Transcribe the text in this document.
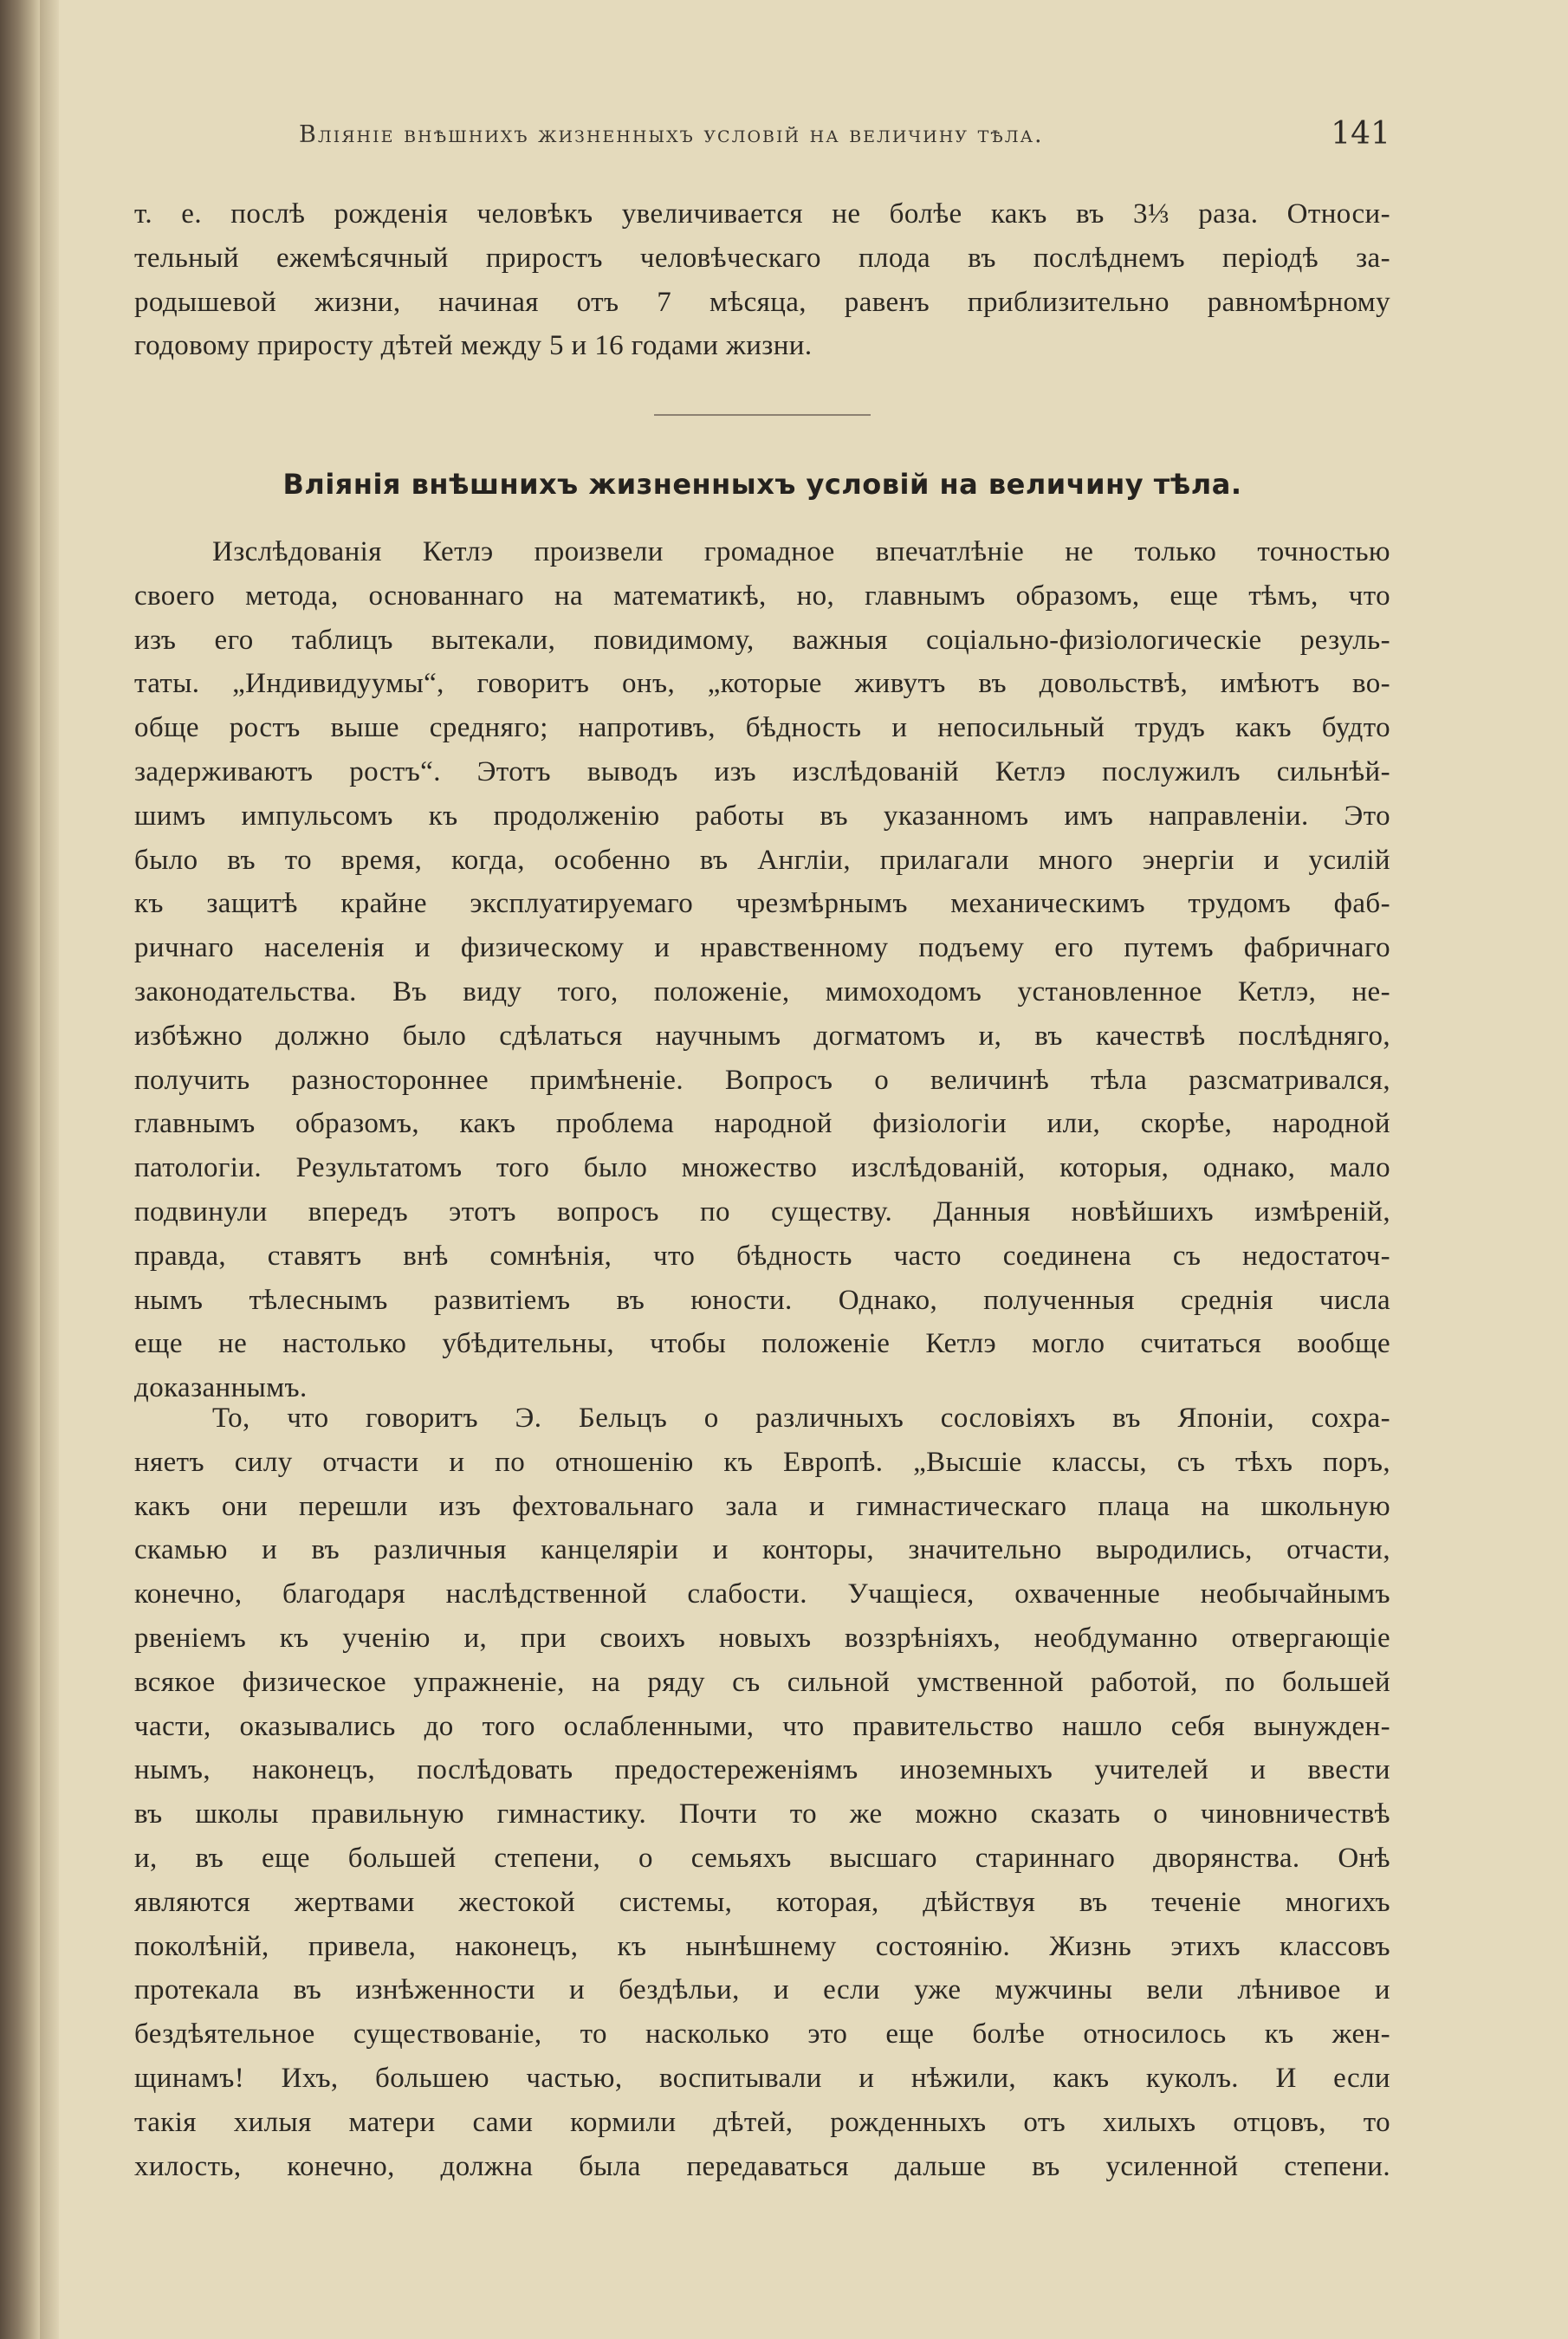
Вліяніе внѣшнихъ жизненныхъ условій на величину тѣла.	141

т. е. послѣ рожденія человѣкъ увеличивается не болѣе какъ въ 3⅓ раза. Относи-
тельный ежемѣсячный приростъ человѣческаго плода въ послѣднемъ періодѣ за-
родышевой жизни, начиная отъ 7 мѣсяца, равенъ приблизительно равномѣрному
годовому приросту дѣтей между 5 и 16 годами жизни.

Вліянія внѣшнихъ жизненныхъ условій на величину тѣла.

Изслѣдованія Кетлэ произвели громадное впечатлѣніе не только точностью
своего метода, основаннаго на математикѣ, но, главнымъ образомъ, еще тѣмъ, что
изъ его таблицъ вытекали, повидимому, важныя соціально-физіологическіе резуль-
таты. „Индивидуумы“, говоритъ онъ, „которые живутъ въ довольствѣ, имѣютъ во-
обще ростъ выше средняго; напротивъ, бѣдность и непосильный трудъ какъ будто
задерживаютъ ростъ“. Этотъ выводъ изъ изслѣдованій Кетлэ послужилъ сильнѣй-
шимъ импульсомъ къ продолженію работы въ указанномъ имъ направленіи. Это
было въ то время, когда, особенно въ Англіи, прилагали много энергіи и усилій
къ защитѣ крайне эксплуатируемаго чрезмѣрнымъ механическимъ трудомъ фаб-
ричнаго населенія и физическому и нравственному подъему его путемъ фабричнаго
законодательства. Въ виду того, положеніе, мимоходомъ установленное Кетлэ, не-
избѣжно должно было сдѣлаться научнымъ догматомъ и, въ качествѣ послѣдняго,
получить разностороннее примѣненіе. Вопросъ о величинѣ тѣла разсматривался,
главнымъ образомъ, какъ проблема народной физіологіи или, скорѣе, народной
патологіи. Результатомъ того было множество изслѣдованій, которыя, однако, мало
подвинули впередъ этотъ вопросъ по существу. Данныя новѣйшихъ измѣреній,
правда, ставятъ внѣ сомнѣнія, что бѣдность часто соединена съ недостаточ-
нымъ тѣлеснымъ развитіемъ въ юности. Однако, полученныя среднія числа
еще не настолько убѣдительны, чтобы положеніе Кетлэ могло считаться вообще
доказаннымъ.

То, что говоритъ Э. Бельцъ о различныхъ сословіяхъ въ Японіи, сохра-
няетъ силу отчасти и по отношенію къ Европѣ. „Высшіе классы, съ тѣхъ поръ,
какъ они перешли изъ фехтовальнаго зала и гимнастическаго плаца на школьную
скамью и въ различныя канцеляріи и конторы, значительно выродились, отчасти,
конечно, благодаря наслѣдственной слабости. Учащіеся, охваченные необычайнымъ
рвеніемъ къ ученію и, при своихъ новыхъ воззрѣніяхъ, необдуманно отвергающіе
всякое физическое упражненіе, на ряду съ сильной умственной работой, по большей
части, оказывались до того ослабленными, что правительство нашло себя вынужден-
нымъ, наконецъ, послѣдовать предостереженіямъ иноземныхъ учителей и ввести
въ школы правильную гимнастику. Почти то же можно сказать о чиновничествѣ
и, въ еще большей степени, о семьяхъ высшаго стариннаго дворянства. Онѣ
являются жертвами жестокой системы, которая, дѣйствуя въ теченіе многихъ
поколѣній, привела, наконецъ, къ нынѣшнему состоянію. Жизнь этихъ классовъ
протекала въ изнѣженности и бездѣльи, и если уже мужчины вели лѣнивое и
бездѣятельное существованіе, то насколько это еще болѣе относилось къ жен-
щинамъ! Ихъ, большею частью, воспитывали и нѣжили, какъ куколъ. И если
такія хилыя матери сами кормили дѣтей, рожденныхъ отъ хилыхъ отцовъ, то
хилость, конечно, должна была передаваться дальше въ усиленной степени.
